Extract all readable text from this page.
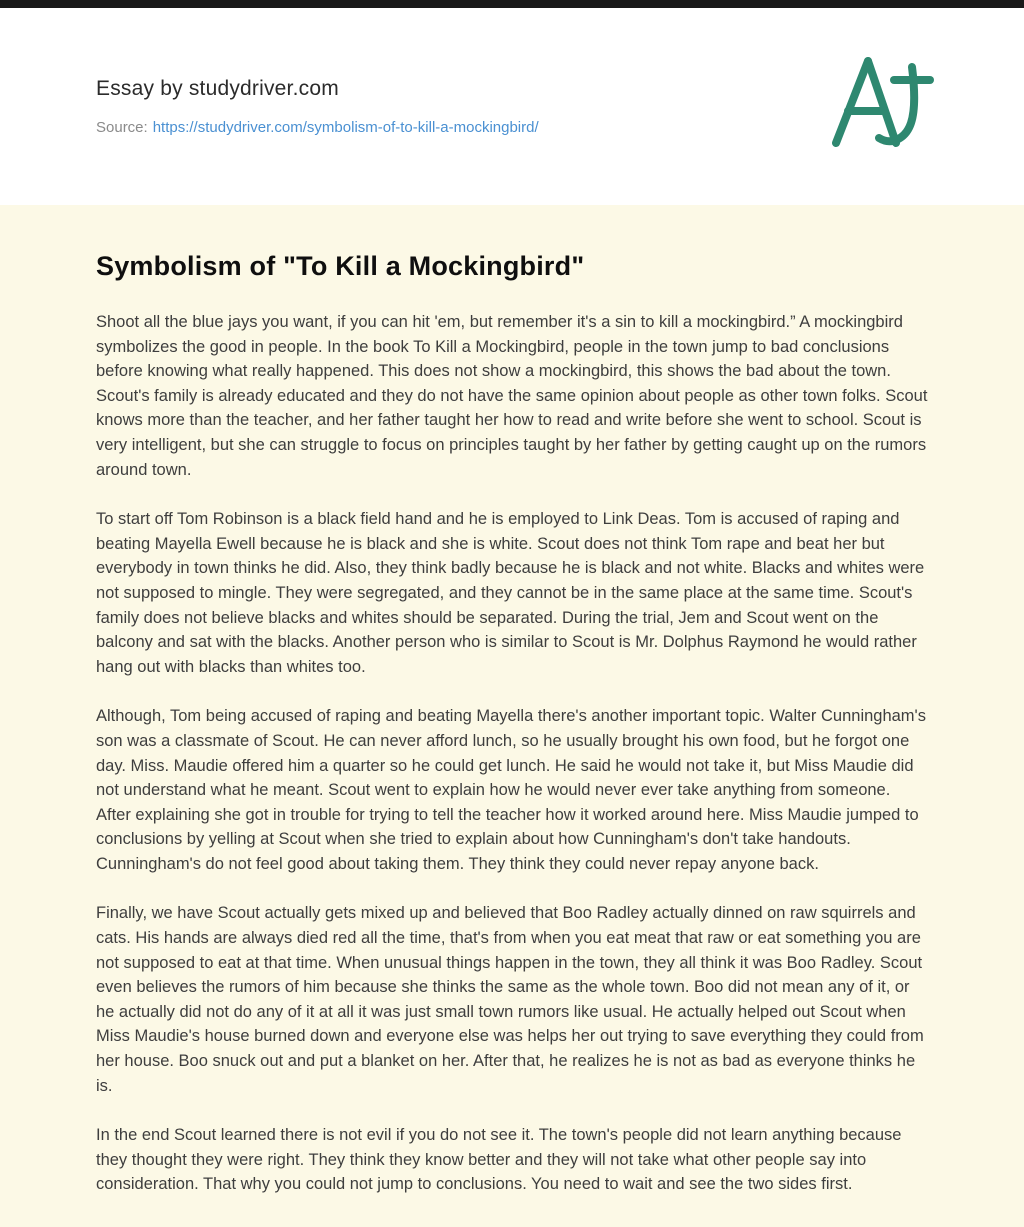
Essay by studydriver.com
Source: https://studydriver.com/symbolism-of-to-kill-a-mockingbird/
Symbolism of "To Kill a Mockingbird"

Shoot all the blue jays you want, if you can hit 'em, but remember it's a sin to kill a mockingbird.” A mockingbird symbolizes the good in people. In the book To Kill a Mockingbird, people in the town jump to bad conclusions before knowing what really happened. This does not show a mockingbird, this shows the bad about the town. Scout's family is already educated and they do not have the same opinion about people as other town folks. Scout knows more than the teacher, and her father taught her how to read and write before she went to school. Scout is very intelligent, but she can struggle to focus on principles taught by her father by getting caught up on the rumors around town.

To start off Tom Robinson is a black field hand and he is employed to Link Deas. Tom is accused of raping and beating Mayella Ewell because he is black and she is white. Scout does not think Tom rape and beat her but everybody in town thinks he did. Also, they think badly because he is black and not white. Blacks and whites were not supposed to mingle. They were segregated, and they cannot be in the same place at the same time. Scout's family does not believe blacks and whites should be separated. During the trial, Jem and Scout went on the balcony and sat with the blacks. Another person who is similar to Scout is Mr. Dolphus Raymond he would rather hang out with blacks than whites too.

Although, Tom being accused of raping and beating Mayella there's another important topic. Walter Cunningham's son was a classmate of Scout. He can never afford lunch, so he usually brought his own food, but he forgot one day. Miss. Maudie offered him a quarter so he could get lunch. He said he would not take it, but Miss Maudie did not understand what he meant. Scout went to explain how he would never ever take anything from someone. After explaining she got in trouble for trying to tell the teacher how it worked around here. Miss Maudie jumped to conclusions by yelling at Scout when she tried to explain about how Cunningham's don't take handouts. Cunningham's do not feel good about taking them. They think they could never repay anyone back.

Finally, we have Scout actually gets mixed up and believed that Boo Radley actually dinned on raw squirrels and cats. His hands are always died red all the time, that's from when you eat meat that raw or eat something you are not supposed to eat at that time. When unusual things happen in the town, they all think it was Boo Radley. Scout even believes the rumors of him because she thinks the same as the whole town. Boo did not mean any of it, or he actually did not do any of it at all it was just small town rumors like usual. He actually helped out Scout when Miss Maudie's house burned down and everyone else was helps her out trying to save everything they could from her house. Boo snuck out and put a blanket on her. After that, he realizes he is not as bad as everyone thinks he is.

In the end Scout learned there is not evil if you do not see it. The town's people did not learn anything because they thought they were right. They think they know better and they will not take what other people say into consideration. That why you could not jump to conclusions. You need to wait and see the two sides first.
